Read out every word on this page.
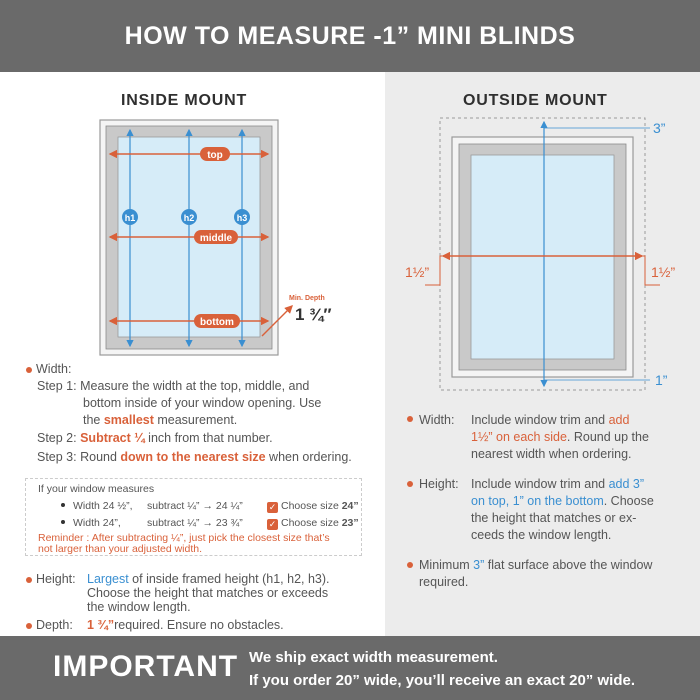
HOW TO MEASURE -1” MINI BLINDS
INSIDE MOUNT	OUTSIDE MOUNT
top
middle
bottom
h1	h2	h3
Min. Depth
1 ¾″
3”
1”
1½”	1½”
Width:
Step 1: Measure the width at the top, middle, and
bottom inside of your window opening. Use
the smallest measurement.
Step 2: Subtract ¼ inch from that number.
Step 3: Round down to the nearest size when ordering.
If your window measures
Width 24 ½”, subtract ¼” → 24 ¼”	✓ Choose size 24”
Width 24”, subtract ¼” → 23 ¾”	✓ Choose size 23”
Reminder : After subtracting ¼”, just pick the closest size that’s
not larger than your adjusted width.
Height: Largest of inside framed height (h1, h2, h3).
Choose the height that matches or exceeds
the window length.
Depth: 1 ¾”required. Ensure no obstacles.
Width: Include window trim and add
1½” on each side. Round up the
nearest width when ordering.
Height: Include window trim and add 3”
on top, 1” on the bottom. Choose
the height that matches or ex-
ceeds the window length.
Minimum 3” flat surface above the window
required.
IMPORTANT We ship exact width measurement.
If you order 20” wide, you’ll receive an exact 20” wide.
